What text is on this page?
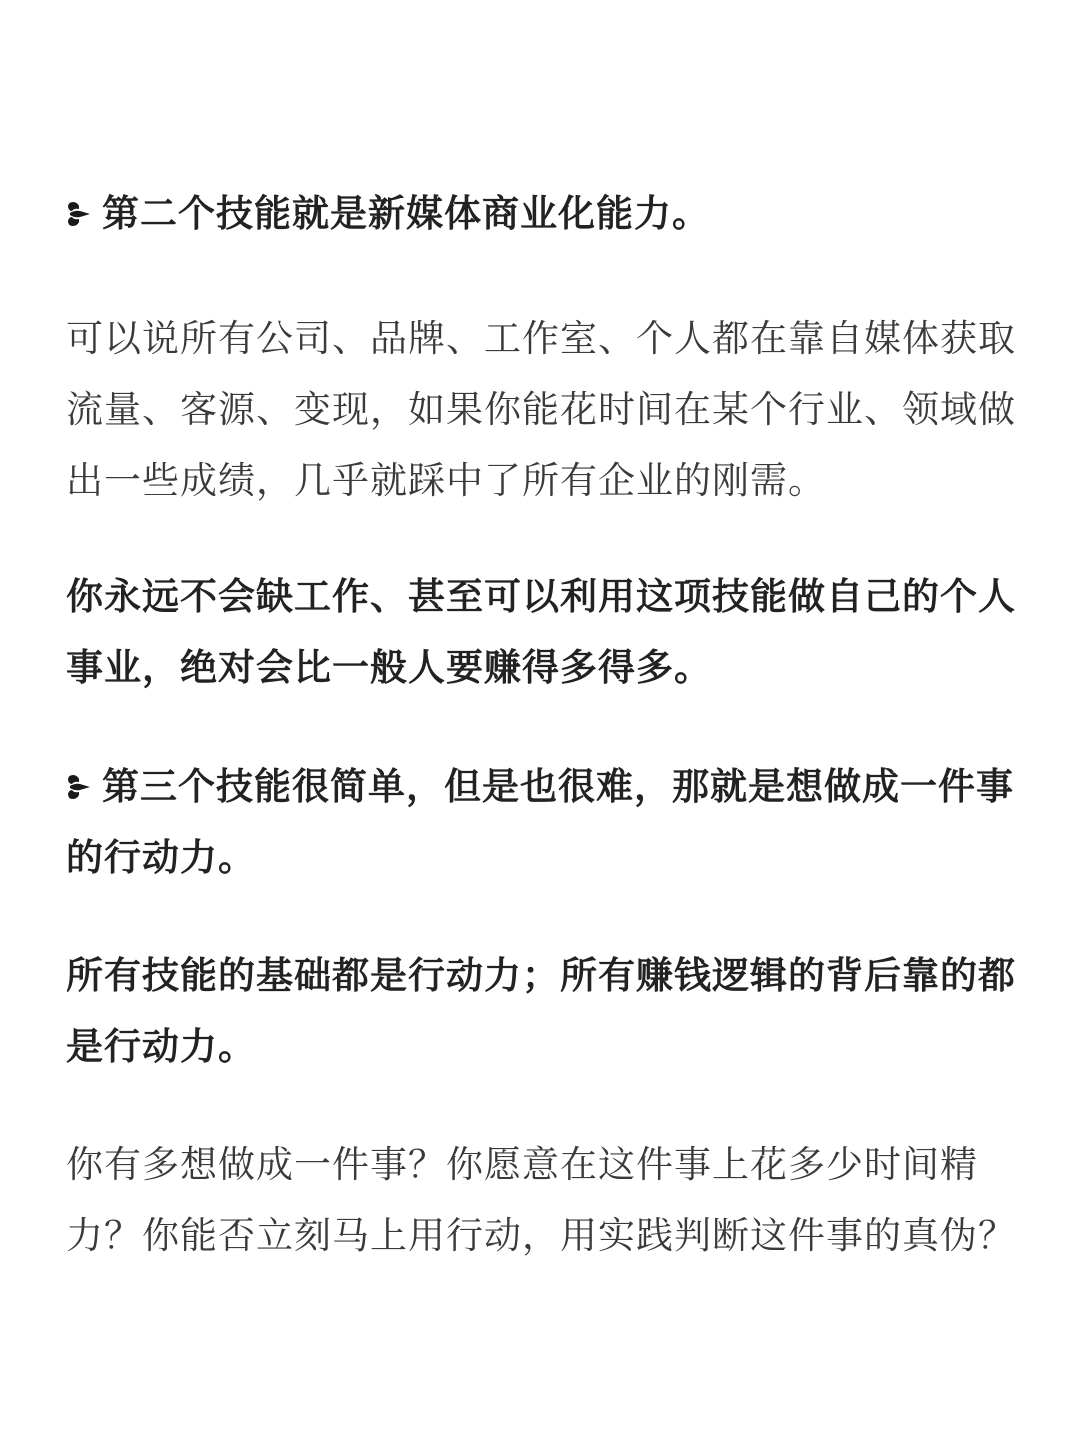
第二个技能就是新媒体商业化能力。

可以说所有公司、品牌、工作室、个人都在靠自媒体获取
流量、客源、变现，如果你能花时间在某个行业、领域做
出一些成绩，几乎就踩中了所有企业的刚需。

你永远不会缺工作、甚至可以利用这项技能做自己的个人
事业，绝对会比一般人要赚得多得多。

第三个技能很简单，但是也很难，那就是想做成一件事
的行动力。

所有技能的基础都是行动力；所有赚钱逻辑的背后靠的都
是行动力。

你有多想做成一件事？你愿意在这件事上花多少时间精
力？你能否立刻马上用行动，用实践判断这件事的真伪？
